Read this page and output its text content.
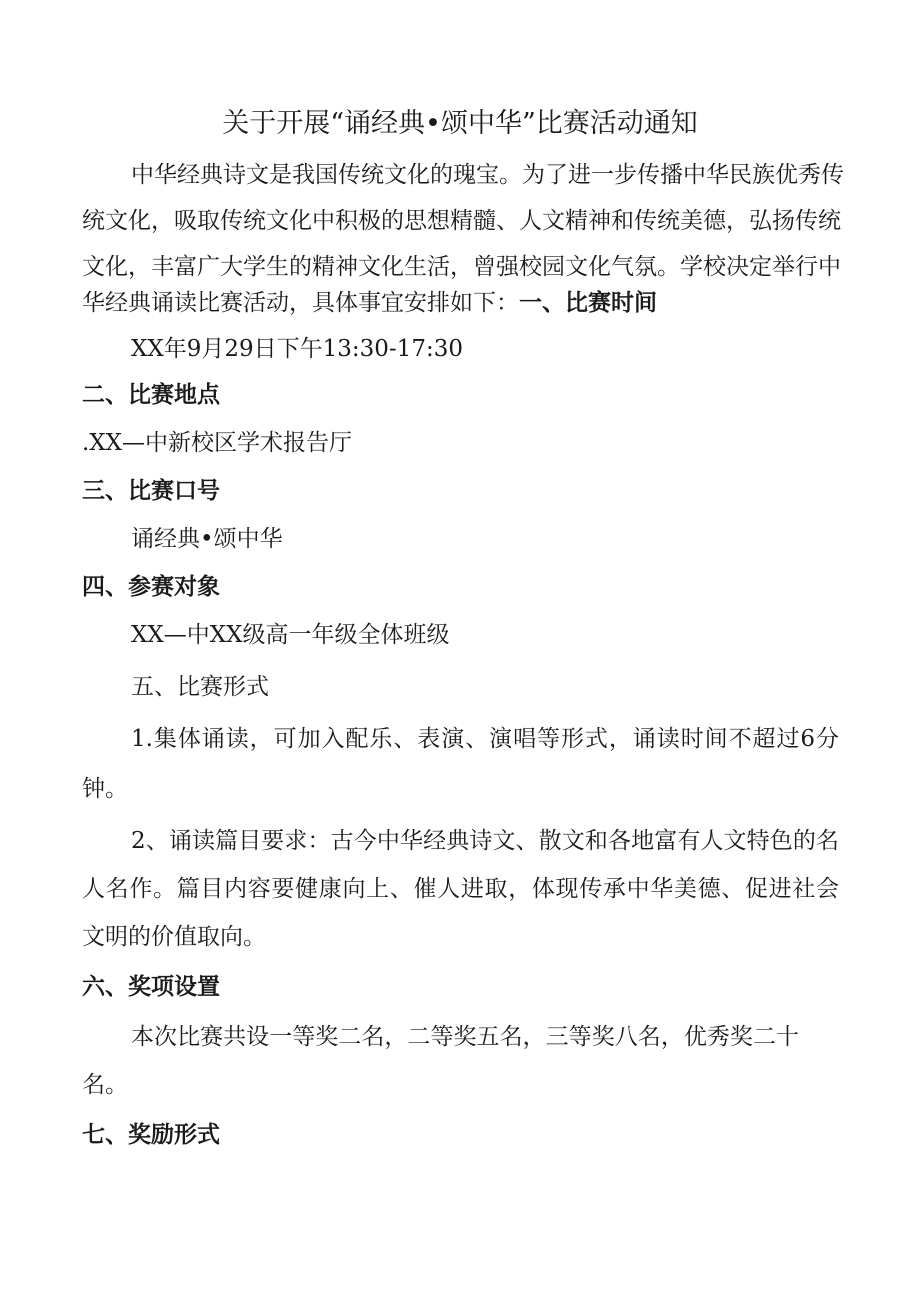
关于开展“诵经典•颂中华”比赛活动通知
中华经典诗文是我国传统文化的瑰宝。为了进一步传播中华民族优秀传
统文化，吸取传统文化中积极的思想精髓、人文精神和传统美德，弘扬传统
文化，丰富广大学生的精神文化生活，曾强校园文化气氛。学校决定举行中
华经典诵读比赛活动，具体事宜安排如下：一、比赛时间
XX年9月29日下午13:30-17:30
二、比赛地点
.XX—中新校区学术报告厅
三、比赛口号
诵经典•颂中华
四、参赛对象
XX—中XX级高一年级全体班级
五、比赛形式
1.集体诵读，可加入配乐、表演、演唱等形式，诵读时间不超过6分
钟。
2、诵读篇目要求：古今中华经典诗文、散文和各地富有人文特色的名
人名作。篇目内容要健康向上、催人进取，体现传承中华美德、促进社会
文明的价值取向。
六、奖项设置
本次比赛共设一等奖二名，二等奖五名，三等奖八名，优秀奖二十
名。
七、奖励形式
